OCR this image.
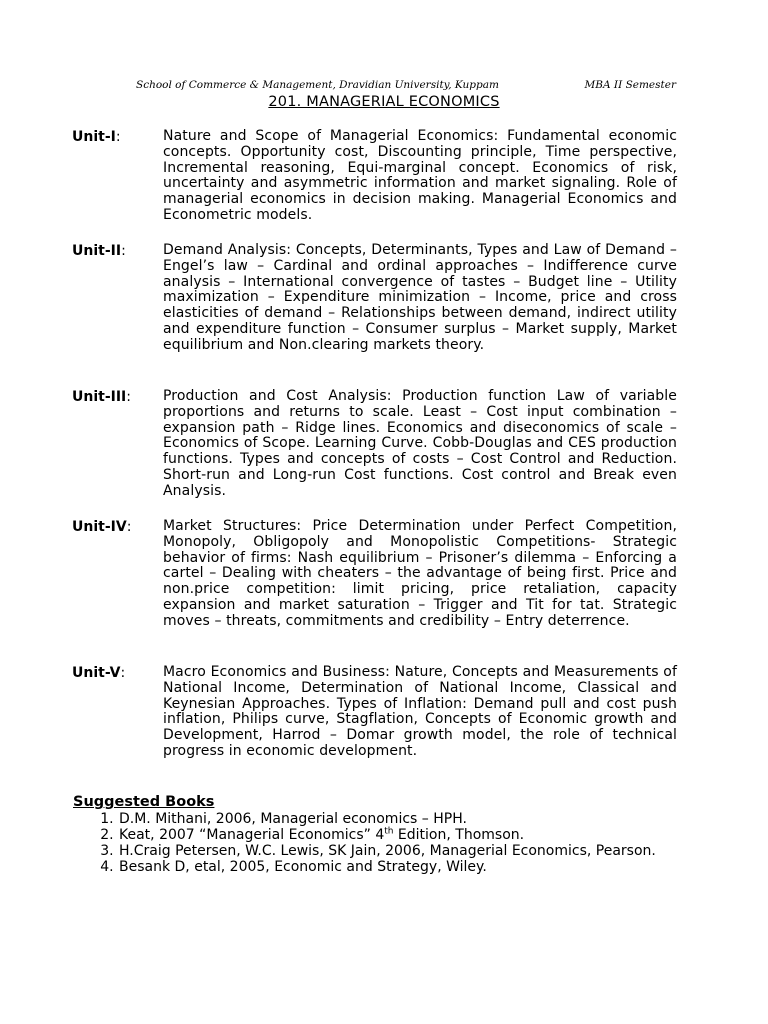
School of Commerce & Management, Dravidian University, Kuppam	MBA II Semester
201. MANAGERIAL ECONOMICS
Unit-I:	Nature and Scope of Managerial Economics: Fundamental economic concepts. Opportunity cost, Discounting principle, Time perspective, Incremental reasoning, Equi-marginal concept. Economics of risk, uncertainty and asymmetric information and market signaling. Role of managerial economics in decision making. Managerial Economics and Econometric models.
Unit-II:	Demand Analysis: Concepts, Determinants, Types and Law of Demand – Engel’s law – Cardinal and ordinal approaches – Indifference curve analysis – International convergence of tastes – Budget line – Utility maximization – Expenditure minimization – Income, price and cross elasticities of demand – Relationships between demand, indirect utility and expenditure function – Consumer surplus – Market supply, Market equilibrium and Non.clearing markets theory.
Unit-III: Production and Cost Analysis: Production function Law of variable proportions and returns to scale. Least – Cost input combination – expansion path – Ridge lines. Economics and diseconomics of scale – Economics of Scope. Learning Curve. Cobb-Douglas and CES production functions. Types and concepts of costs – Cost Control and Reduction. Short-run and Long-run Cost functions. Cost control and Break even Analysis.
Unit-IV: Market Structures: Price Determination under Perfect Competition, Monopoly, Obligopoly and Monopolistic Competitions- Strategic behavior of firms: Nash equilibrium – Prisoner’s dilemma – Enforcing a cartel – Dealing with cheaters – the advantage of being first. Price and non.price competition: limit pricing, price retaliation, capacity expansion and market saturation – Trigger and Tit for tat. Strategic moves – threats, commitments and credibility – Entry deterrence.
Unit-V:	Macro Economics and Business: Nature, Concepts and Measurements of National Income, Determination of National Income, Classical and Keynesian Approaches. Types of Inflation: Demand pull and cost push inflation, Philips curve, Stagflation, Concepts of Economic growth and Development, Harrod – Domar growth model, the role of technical progress in economic development.
Suggested Books
1. D.M. Mithani, 2006, Managerial economics – HPH.
2. Keat, 2007 “Managerial Economics” 4th Edition, Thomson.
3. H.Craig Petersen, W.C. Lewis, SK Jain, 2006, Managerial Economics, Pearson.
4. Besank D, etal, 2005, Economic and Strategy, Wiley.
